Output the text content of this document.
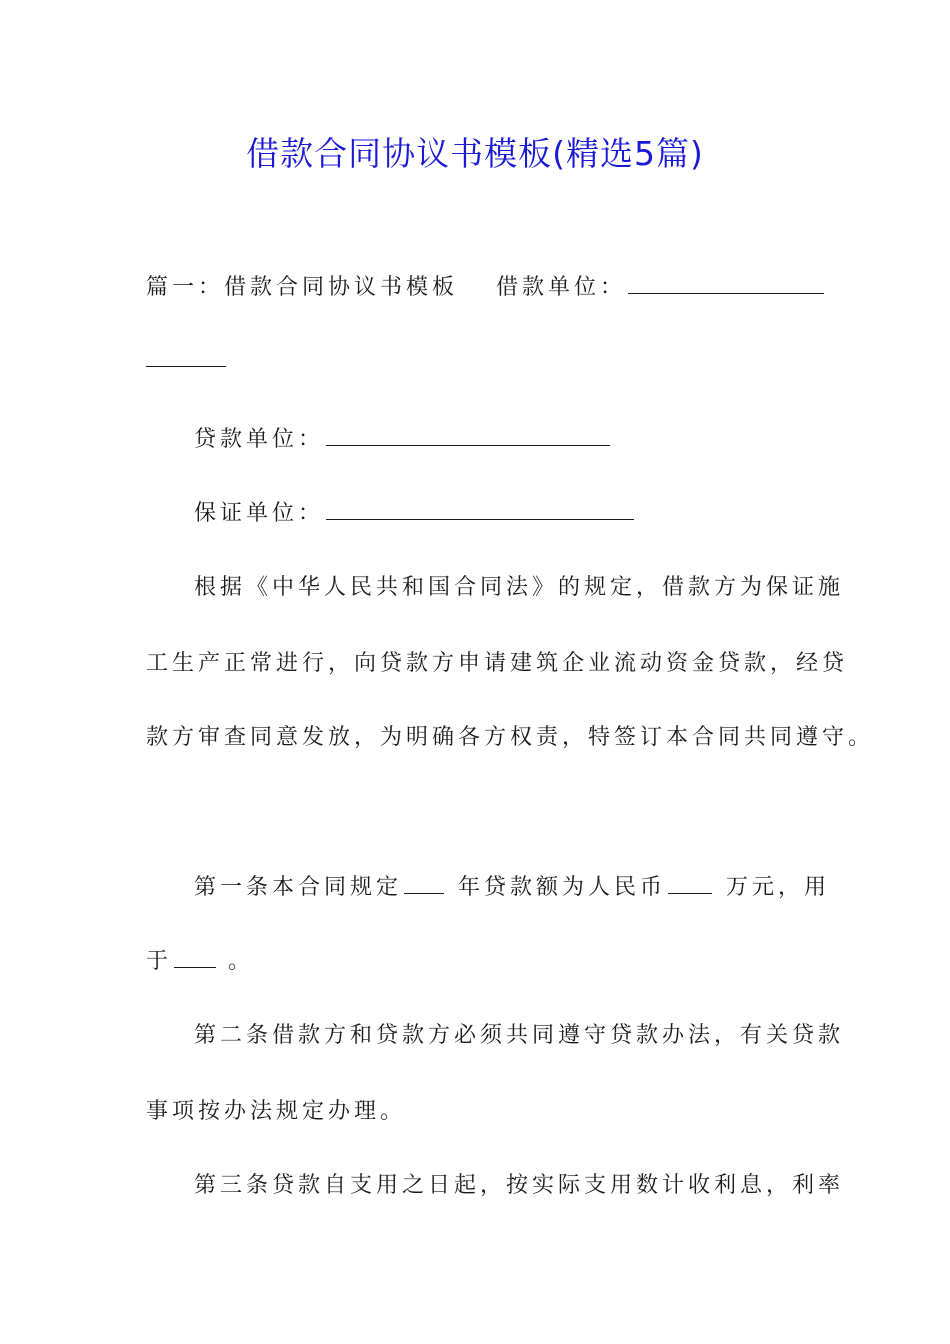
借款合同协议书模板(精选5篇)
篇一：借款合同协议书模板 借款单位：
贷款单位：
保证单位：
根据《中华人民共和国合同法》的规定，借款方为保证施
工生产正常进行，向贷款方申请建筑企业流动资金贷款，经贷
款方审查同意发放，为明确各方权责，特签订本合同共同遵守。
第一条本合同规定	年贷款额为人民币	万元，用
于	。
第二条借款方和贷款方必须共同遵守贷款办法，有关贷款
事项按办法规定办理。
第三条贷款自支用之日起，按实际支用数计收利息，利率
